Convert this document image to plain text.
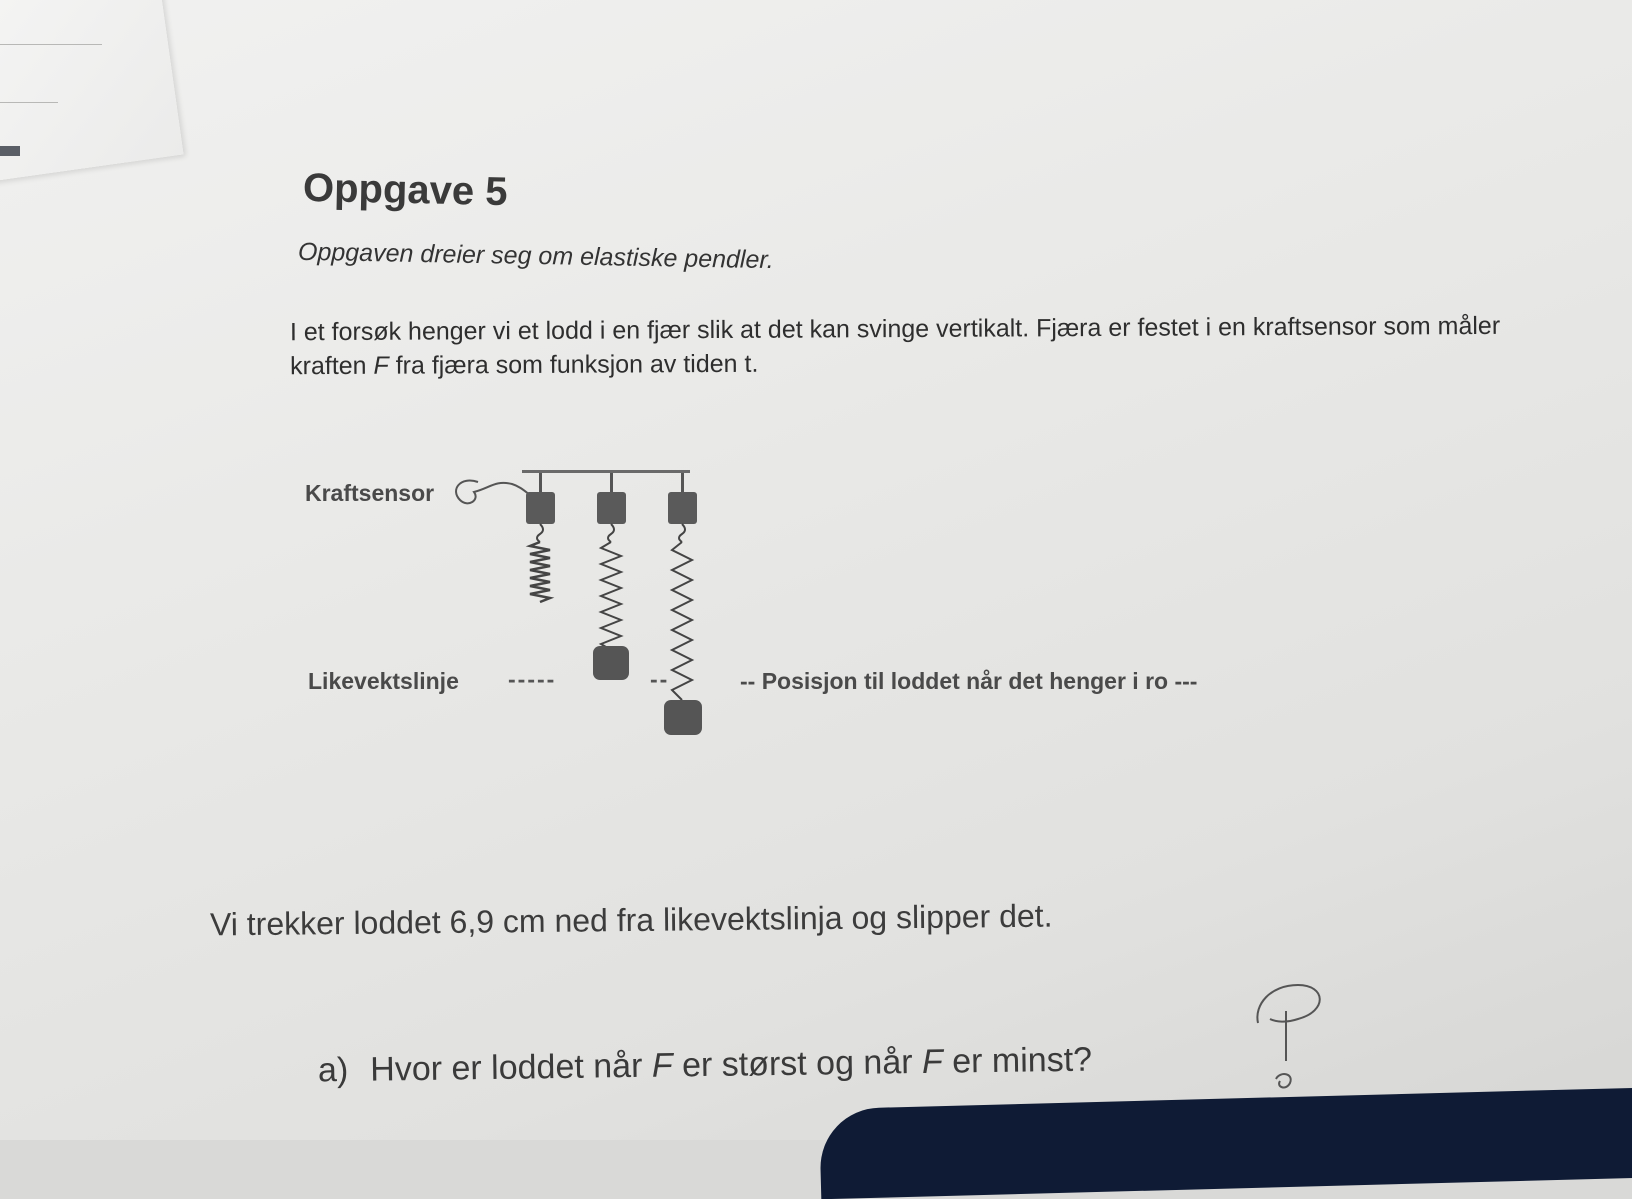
Oppgave 5
Oppgaven dreier seg om elastiske pendler.
I et forsøk henger vi et lodd i en fjær slik at det kan svinge vertikalt. Fjæra er festet i en kraftsensor som måler kraften F fra fjæra som funksjon av tiden t.
Kraftsensor
Likevektslinje -----	--	-- Posisjon til loddet når det henger i ro ---
Vi trekker loddet 6,9 cm ned fra likevektslinja og slipper det.
a) Hvor er loddet når F er størst og når F er minst?
